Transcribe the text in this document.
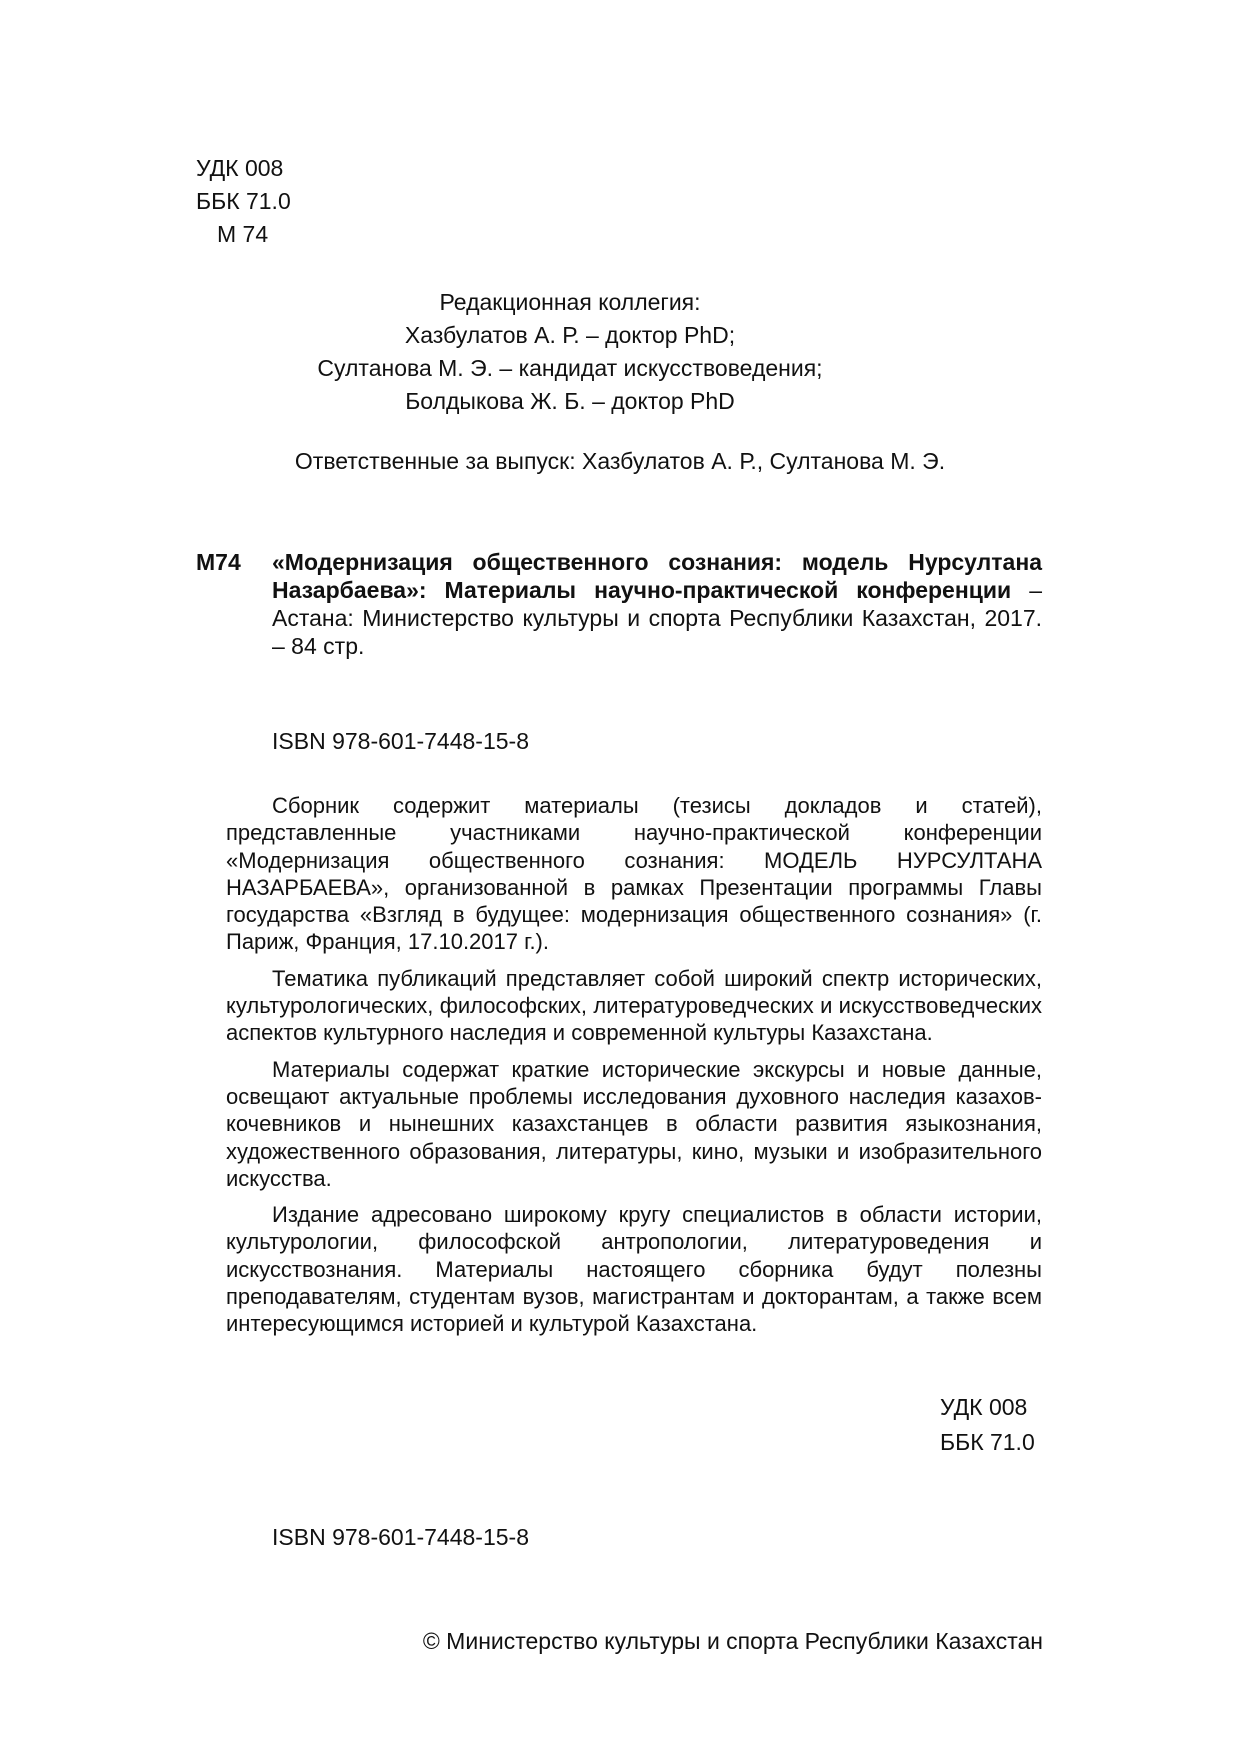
УДК 008
ББК 71.0
М 74
Редакционная коллегия:
Хазбулатов А. Р. – доктор PhD;
Султанова М. Э. – кандидат искусствоведения;
Болдыкова Ж. Б. – доктор PhD
Ответственные за выпуск: Хазбулатов А. Р., Султанова М. Э.
М74 «Модернизация общественного сознания: модель Нурсултана Назарбаева»: Материалы научно-практической конференции – Астана: Министерство культуры и спорта Республики Казахстан, 2017. – 84 стр.
ISBN 978-601-7448-15-8

Сборник содержит материалы (тезисы докладов и статей), представленные участниками научно-практической конференции «Модернизация общественного сознания: МОДЕЛЬ НУРСУЛТАНА НАЗАРБАЕВА», организованной в рамках Презентации программы Главы государства «Взгляд в будущее: модернизация общественного сознания» (г. Париж, Франция, 17.10.2017 г.).

Тематика публикаций представляет собой широкий спектр исторических, культурологических, философских, литературоведческих и искусствоведческих аспектов культурного наследия и современной культуры Казахстана.

Материалы содержат краткие исторические экскурсы и новые данные, освещают актуальные проблемы исследования духовного наследия казахов-кочевников и нынешних казахстанцев в области развития языкознания, художественного образования, литературы, кино, музыки и изобразительного искусства.

Издание адресовано широкому кругу специалистов в области истории, культурологии, философской антропологии, литературоведения и искусствознания. Материалы настоящего сборника будут полезны преподавателям, студентам вузов, магистрантам и докторантам, а также всем интересующимся историей и культурой Казахстана.

УДК 008
ББК 71.0
ISBN 978-601-7448-15-8
© Министерство культуры и спорта Республики Казахстан
